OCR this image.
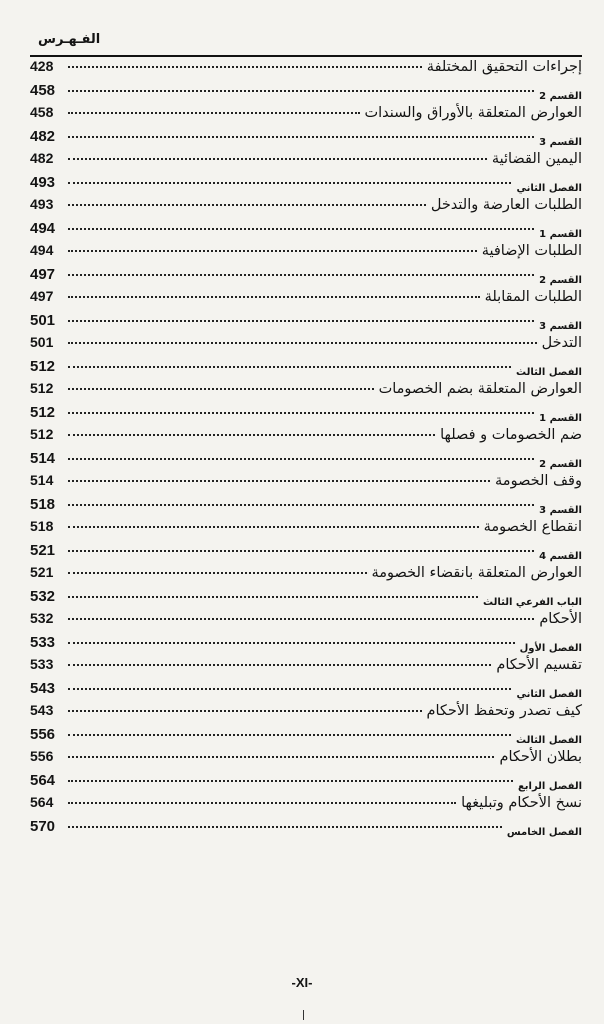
الفـهـرس
إجراءات التحقيق المختلفة
428
القسم 2
458
العوارض المتعلقة بالأوراق والسندات
458
القسم 3
482
اليمين القضائية
482
الفصل الثاني
493
الطلبات العارضة والتدخل
493
القسم 1
494
الطلبات الإضافية
494
القسم 2
497
الطلبات المقابلة
497
القسم 3
501
التدخل
501
الفصل الثالث
512
العوارض المتعلقة بضم الخصومات
512
القسم 1
512
ضم الخصومات و فصلها
512
القسم 2
514
وقف الخصومة
514
القسم 3
518
انقطاع الخصومة
518
القسم 4
521
العوارض المتعلقة بانقضاء الخصومة
521
الباب الفرعي الثالث
532
الأحكام
532
الفصل الأول
533
تقسيم الأحكام
533
الفصل الثاني
543
كيف تصدر وتحفظ الأحكام
543
الفصل الثالث
556
بطلان الأحكام
556
الفصل الرابع
564
نسخ الأحكام وتبليغها
564
الفصل الخامس
570
-XI-
